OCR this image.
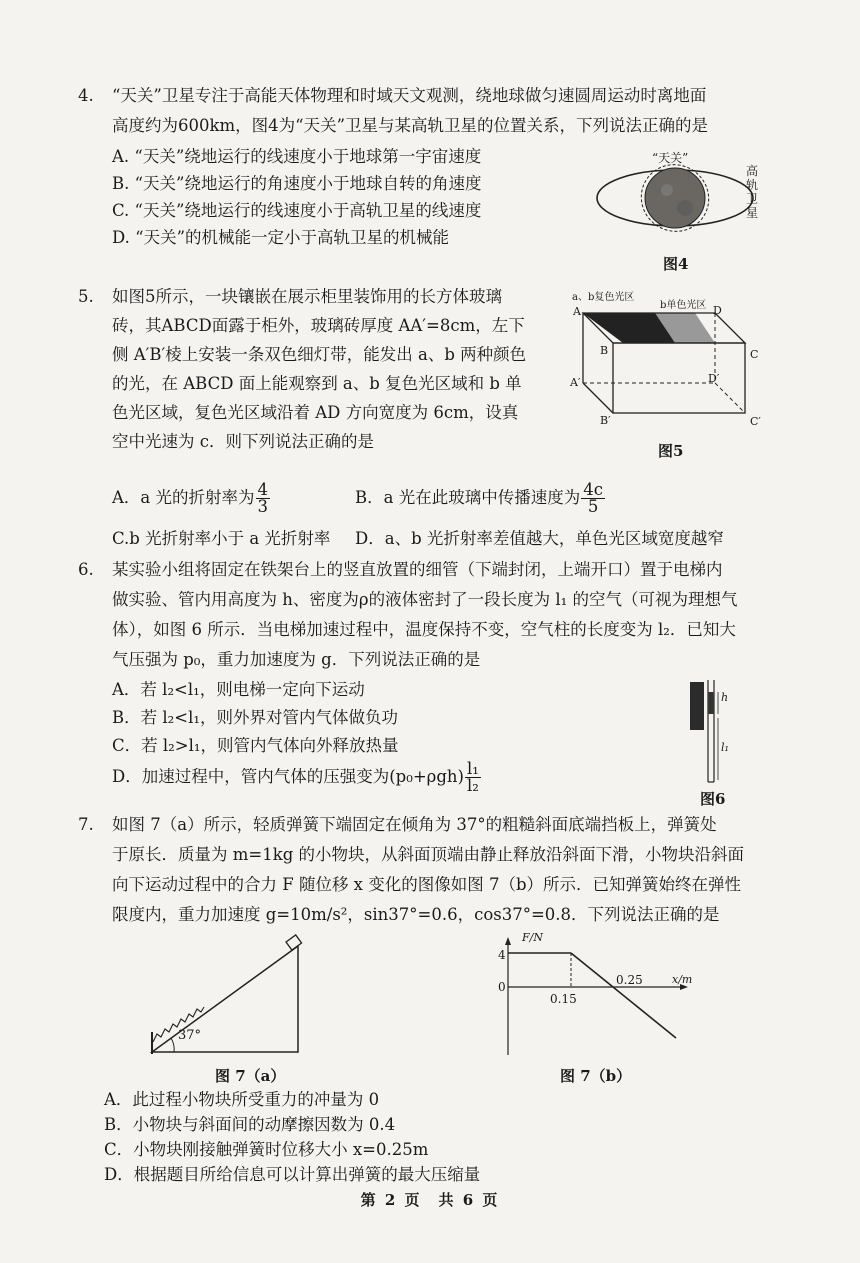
4. “天关”卫星专注于高能天体物理和时域天文观测，绕地球做匀速圆周运动时离地面
高度约为600km，图4为“天关”卫星与某高轨卫星的位置关系，下列说法正确的是
A. “天关”绕地运行的线速度小于地球第一宇宙速度
B. “天关”绕地运行的角速度小于地球自转的角速度
C. “天关”绕地运行的线速度小于高轨卫星的线速度
D. “天关”的机械能一定小于高轨卫星的机械能
“天关”
高轨卫星
图4
5. 如图5所示，一块镶嵌在展示柜里装饰用的长方体玻璃
砖，其ABCD面露于柜外，玻璃砖厚度 AA′=8cm，左下
侧 A′B′棱上安装一条双色细灯带，能发出 a、b 两种颜色
的光，在 ABCD 面上能观察到 a、b 复色光区域和 b 单
色光区域，复色光区域沿着 AD 方向宽度为 6cm，设真
空中光速为 c．则下列说法正确的是
a、b复色光区
b单色光区
A
B	C
D
A′
B′	C′
D′
图5
A．a 光的折射率为 $\frac{4}{3}$	B．a 光在此玻璃中传播速度为 $\frac{4c}{5}$
C.b 光折射率小于 a 光折射率 D．a、b 光折射率差值越大，单色光区域宽度越窄
6. 某实验小组将固定在铁架台上的竖直放置的细管（下端封闭，上端开口）置于电梯内
做实验、管内用高度为 h、密度为ρ的液体密封了一段长度为 l₁ 的空气（可视为理想气
体），如图 6 所示．当电梯加速过程中，温度保持不变，空气柱的长度变为 l₂．已知大
气压强为 p₀，重力加速度为 g．下列说法正确的是
A．若 l₂<l₁，则电梯一定向下运动
B．若 l₂<l₁，则外界对管内气体做负功
C．若 l₂>l₁，则管内气体向外释放热量
D．加速过程中，管内气体的压强变为$(p_0+\rho gh) \frac{\text{l₁}}{\text{l₂}}$
h
l₁
图6
7. 如图 7（a）所示，轻质弹簧下端固定在倾角为 37°的粗糙斜面底端挡板上，弹簧处
于原长．质量为 m=1kg 的小物块，从斜面顶端由静止释放沿斜面下滑，小物块沿斜面
向下运动过程中的合力 F 随位移 x 变化的图像如图 7（b）所示．已知弹簧始终在弹性
限度内，重力加速度 g=10m/s²，sin37°=0.6，cos37°=0.8．下列说法正确的是
37°
图 7（a）
F/N
x/m
4
0
0.15
0.25
图 7（b）
A．此过程小物块所受重力的冲量为 0
B．小物块与斜面间的动摩擦因数为 0.4
C．小物块刚接触弹簧时位移大小 x=0.25m
D．根据题目所给信息可以计算出弹簧的最大压缩量
第 2 页　共 6 页
